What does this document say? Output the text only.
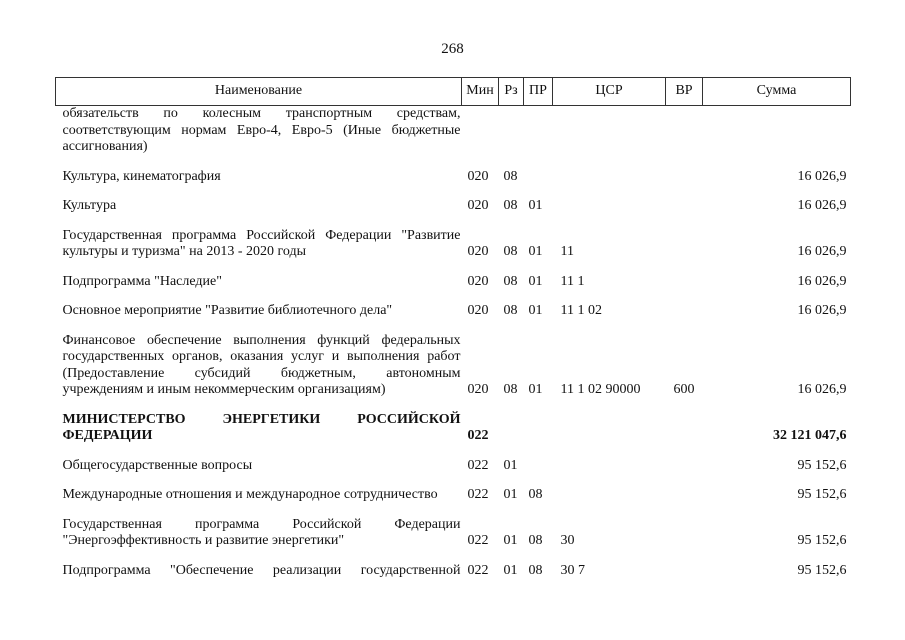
268
Наименование	Мин	Рз	ПР	ЦСР	ВР	Сумма
обязательств по колесным транспортным средствам, соответствующим нормам Евро-4, Евро-5 (Иные бюджетные ассигнования)						

Культура, кинематография	020	08				16 026,9

Культура	020	08	01			16 026,9

Государственная программа Российской Федерации "Развитие культуры и туризма" на 2013 - 2020 годы	020	08	01	11		16 026,9

Подпрограмма "Наследие"	020	08	01	11 1		16 026,9

Основное мероприятие "Развитие библиотечного дела"	020	08	01	11 1 02		16 026,9

Финансовое обеспечение выполнения функций федеральных государственных органов, оказания услуг и выполнения работ (Предоставление субсидий бюджетным, автономным учреждениям и иным некоммерческим организациям)	020	08	01	11 1 02 90000	600	16 026,9

МИНИСТЕРСТВО ЭНЕРГЕТИКИ РОССИЙСКОЙ ФЕДЕРАЦИИ	022					32 121 047,6

Общегосударственные вопросы	022	01				95 152,6

Международные отношения и международное сотрудничество	022	01	08			95 152,6

Государственная программа Российской Федерации "Энергоэффективность и развитие энергетики"	022	01	08	30		95 152,6

Подпрограмма "Обеспечение реализации государственной	022	01	08	30 7		95 152,6
